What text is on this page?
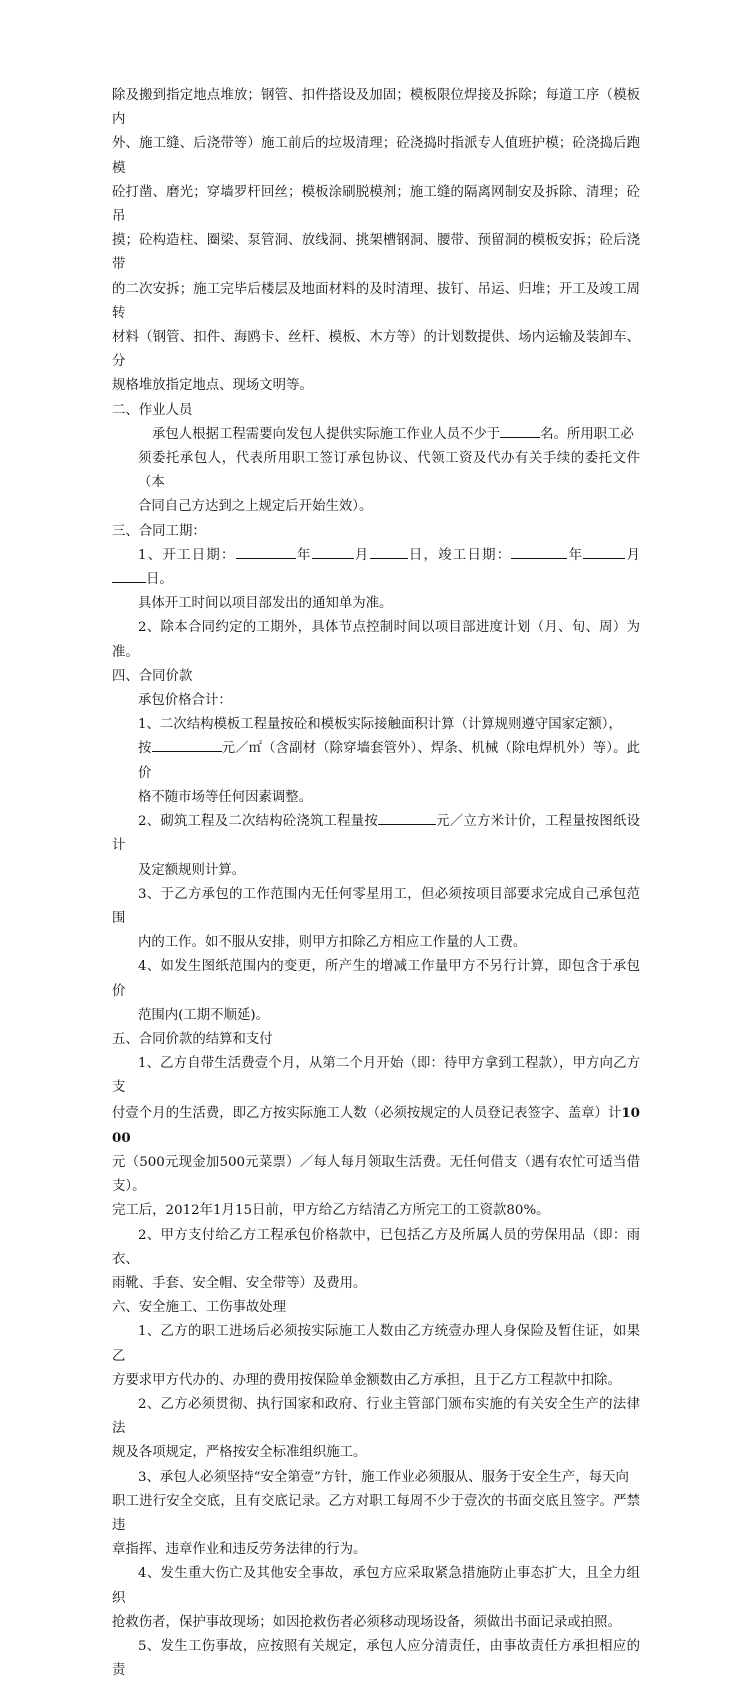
除及搬到指定地点堆放；钢管、扣件搭设及加固；模板限位焊接及拆除；每道工序（模板内

外、施工缝、后浇带等）施工前后的垃圾清理；砼浇捣时指派专人值班护模；砼浇捣后跑模

砼打凿、磨光；穿墙罗杆回丝；模板涂刷脱模剂；施工缝的隔离网制安及拆除、清理；砼吊

摸；砼构造柱、圈梁、泵管洞、放线洞、挑架槽钢洞、腰带、预留洞的模板安拆；砼后浇带

的二次安拆；施工完毕后楼层及地面材料的及时清理、拔钉、吊运、归堆；开工及竣工周转

材料（钢管、扣件、海鸥卡、丝杆、模板、木方等）的计划数提供、场内运输及装卸车、分

规格堆放指定地点、现场文明等。

二、作业人员

承包人根据工程需要向发包人提供实际施工作业人员不少于	名。所用职工必

须委托承包人，代表所用职工签订承包协议、代领工资及代办有关手续的委托文件（本

合同自己方达到之上规定后开始生效）。

三、合同工期：

1、开工日期：	年	月	日，竣工日期：	年	月日。

具体开工时间以项目部发出的通知单为准。

2、除本合同约定的工期外，具体节点控制时间以项目部进度计划（月、旬、周）为准。

四、合同价款

承包价格合计：

1、二次结构模板工程量按砼和模板实际接触面积计算（计算规则遵守国家定额），

按	元／㎡（含副材（除穿墙套管外）、焊条、机械（除电焊机外）等）。此价

格不随市场等任何因素调整。

2、砌筑工程及二次结构砼浇筑工程量按	元／立方米计价，工程量按图纸设计

及定额规则计算。

3、于乙方承包的工作范围内无任何零星用工，但必须按项目部要求完成自己承包范围

内的工作。如不服从安排，则甲方扣除乙方相应工作量的人工费。

4、如发生图纸范围内的变更，所产生的增减工作量甲方不另行计算，即包含于承包价

范围内(工期不顺延)。

五、合同价款的结算和支付

1、乙方自带生活费壹个月，从第二个月开始（即：待甲方拿到工程款），甲方向乙方支

付壹个月的生活费，即乙方按实际施工人数（必须按规定的人员登记表签字、盖章）计1000

元（500元现金加500元菜票）／每人每月领取生活费。无任何借支（遇有农忙可适当借支）。

完工后，2012年1月15日前，甲方给乙方结清乙方所完工的工资款80%。

2、甲方支付给乙方工程承包价格款中，已包括乙方及所属人员的劳保用品（即：雨衣、

雨靴、手套、安全帽、安全带等）及费用。

六、安全施工、工伤事故处理

1、乙方的职工进场后必须按实际施工人数由乙方统壹办理人身保险及暂住证，如果乙

方要求甲方代办的、办理的费用按保险单金额数由乙方承担，且于乙方工程款中扣除。

2、乙方必须贯彻、执行国家和政府、行业主管部门颁布实施的有关安全生产的法律法

规及各项规定，严格按安全标准组织施工。

3、承包人必须坚持“安全第壹”方针，施工作业必须服从、服务于安全生产，每天向

职工进行安全交底，且有交底记录。乙方对职工每周不少于壹次的书面交底且签字。严禁违

章指挥、违章作业和违反劳务法律的行为。

4、发生重大伤亡及其他安全事故，承包方应采取紧急措施防止事态扩大，且全力组织

抢救伤者，保护事故现场；如因抢救伤者必须移动现场设备，须做出书面记录或拍照。

5、发生工伤事故，应按照有关规定，承包人应分清责任，由事故责任方承担相应的责
